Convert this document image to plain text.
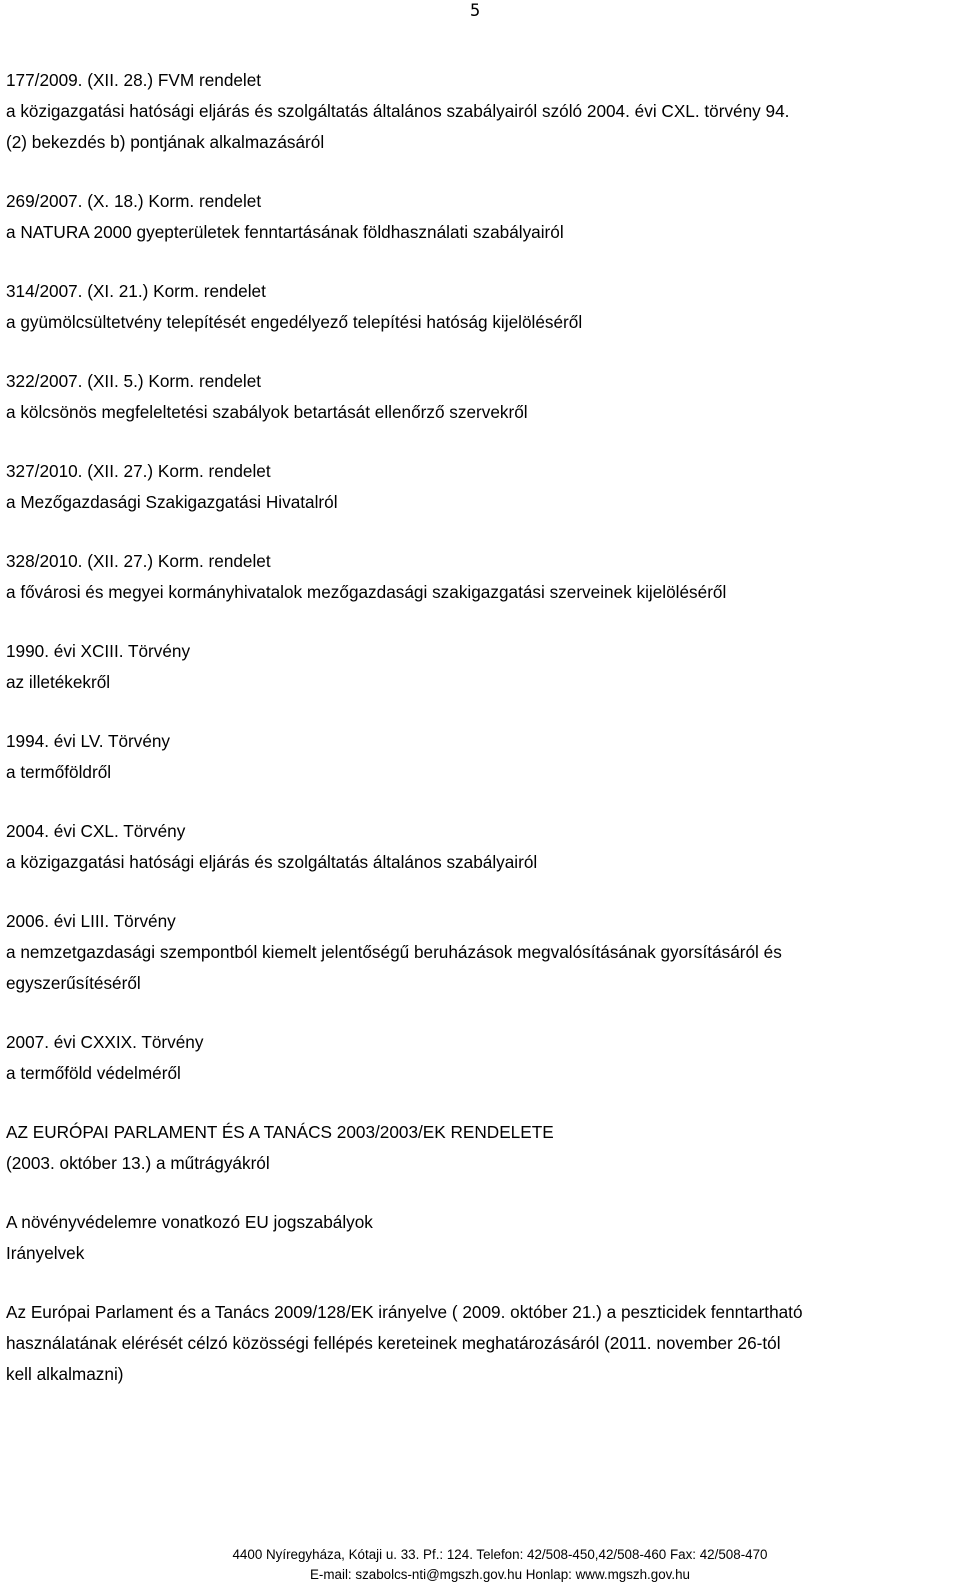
5

177/2009. (XII. 28.) FVM rendelet

a közigazgatási hatósági eljárás és szolgáltatás általános szabályairól szóló 2004. évi CXL. törvény 94.

(2) bekezdés b) pontjának alkalmazásáról

269/2007. (X. 18.) Korm. rendelet

a NATURA 2000 gyepterületek fenntartásának földhasználati szabályairól

314/2007. (XI. 21.) Korm. rendelet

a gyümölcsültetvény telepítését engedélyező telepítési hatóság kijelöléséről

322/2007. (XII. 5.) Korm. rendelet

a kölcsönös megfeleltetési szabályok betartását ellenőrző szervekről

327/2010. (XII. 27.) Korm. rendelet

a Mezőgazdasági Szakigazgatási Hivatalról

328/2010. (XII. 27.) Korm. rendelet

a fővárosi és megyei kormányhivatalok mezőgazdasági szakigazgatási szerveinek kijelöléséről

1990. évi XCIII. Törvény

az illetékekről

1994. évi LV. Törvény

a termőföldről

2004. évi CXL. Törvény

a közigazgatási hatósági eljárás és szolgáltatás általános szabályairól

2006. évi LIII. Törvény

a nemzetgazdasági szempontból kiemelt jelentőségű beruházások megvalósításának gyorsításáról és

egyszerűsítéséről

2007. évi CXXIX. Törvény

a termőföld védelméről

AZ EURÓPAI PARLAMENT ÉS A TANÁCS 2003/2003/EK RENDELETE

(2003. október 13.) a műtrágyákról

A növényvédelemre vonatkozó EU jogszabályok

Irányelvek

Az Európai Parlament és a Tanács 2009/128/EK irányelve ( 2009. október 21.) a peszticidek fenntartható

használatának elérését célzó közösségi fellépés kereteinek meghatározásáról (2011. november 26-tól

kell alkalmazni)

4400 Nyíregyháza, Kótaji u. 33. Pf.: 124. Telefon: 42/508-450,42/508-460 Fax: 42/508-470

E-mail: szabolcs-nti@mgszh.gov.hu Honlap: www.mgszh.gov.hu
